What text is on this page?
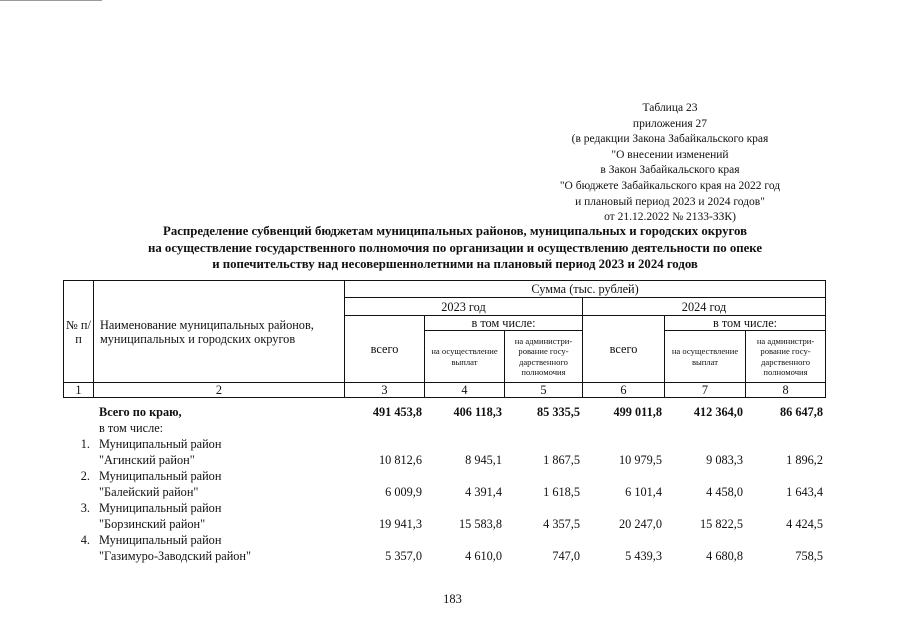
Таблица 23
приложения 27
(в редакции Закона Забайкальского края
"О внесении изменений
в Закон Забайкальского края
"О бюджете Забайкальского края на 2022 год
и плановый период 2023 и 2024 годов"
от 21.12.2022 № 2133-ЗЗК)
Распределение субвенций бюджетам муниципальных районов, муниципальных и городских округов
на осуществление государственного полномочия по организации и осуществлению деятельности по опеке
и попечительству над несовершеннолетними на плановый период 2023 и 2024 годов
№ п/п	Наименование муниципальных районов, муниципальных и городских округов	Сумма (тыс. рублей)					
		2023 год			2024 год		
		всего	в том числе:		всего	в том числе:	
			на осуществление выплат	на администри-рование госу-дарственного полномочия		на осуществление выплат	на администри-рование госу-дарственного полномочия
1	2	3	4	5	6	7	8
	Всего по краю,	491 453,8	406 118,3	85 335,5	499 011,8	412 364,0	86 647,8
	в том числе:						
1.	Муниципальный район						
	"Агинский район"	10 812,6	8 945,1	1 867,5	10 979,5	9 083,3	1 896,2
2.	Муниципальный район						
	"Балейский район"	6 009,9	4 391,4	1 618,5	6 101,4	4 458,0	1 643,4
3.	Муниципальный район						
	"Борзинский район"	19 941,3	15 583,8	4 357,5	20 247,0	15 822,5	4 424,5
4.	Муниципальный район						
	"Газимуро-Заводский район"	5 357,0	4 610,0	747,0	5 439,3	4 680,8	758,5
183
